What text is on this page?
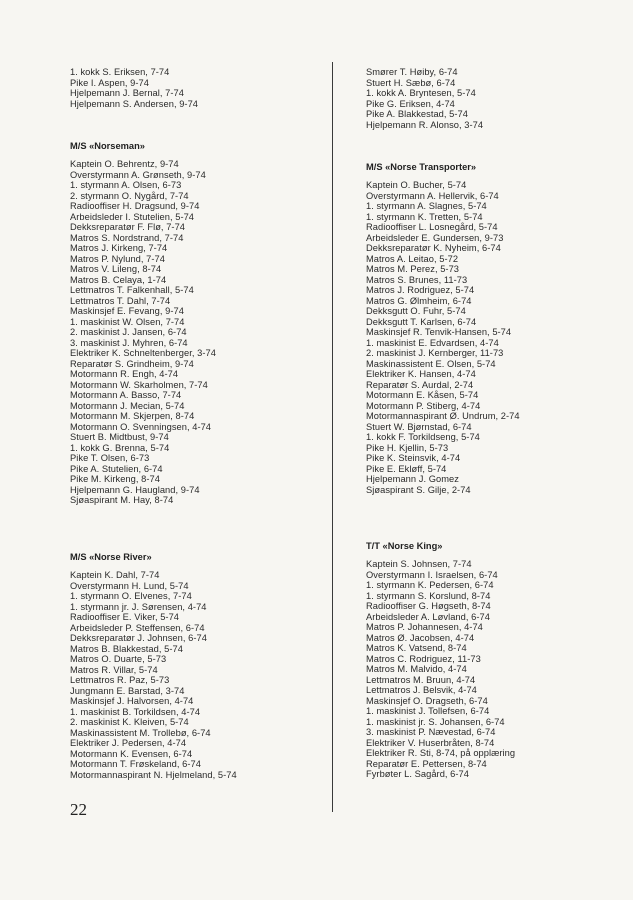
1. kokk S. Eriksen, 7-74
Pike I. Aspen, 9-74
Hjelpemann J. Bernal, 7-74
Hjelpemann S. Andersen, 9-74
M/S «Norseman»
Kaptein O. Behrentz, 9-74
Overstyrmann A. Grønseth, 9-74
1. styrmann A. Olsen, 6-73
2. styrmann O. Nygård, 7-74
Radiooffiser H. Dragsund, 9-74
Arbeidsleder I. Stutelien, 5-74
Dekksreparatør F. Flø, 7-74
Matros S. Nordstrand, 7-74
Matros J. Kirkeng, 7-74
Matros P. Nylund, 7-74
Matros V. Lileng, 8-74
Matros B. Celaya, 1-74
Lettmatros T. Falkenhall, 5-74
Lettmatros T. Dahl, 7-74
Maskinsjef E. Fevang, 9-74
1. maskinist W. Olsen, 7-74
2. maskinist J. Jansen, 6-74
3. maskinist J. Myhren, 6-74
Elektriker K. Schneltenberger, 3-74
Reparatør S. Grindheim, 9-74
Motormann R. Engh, 4-74
Motormann W. Skarholmen, 7-74
Motormann A. Basso, 7-74
Motormann J. Mecian, 5-74
Motormann M. Skjerpen, 8-74
Motormann O. Svenningsen, 4-74
Stuert B. Midtbust, 9-74
1. kokk G. Brenna, 5-74
Pike T. Olsen, 6-73
Pike A. Stutelien, 6-74
Pike M. Kirkeng, 8-74
Hjelpemann G. Haugland, 9-74
Sjøaspirant M. Hay, 8-74
M/S «Norse River»
Kaptein K. Dahl, 7-74
Overstyrmann H. Lund, 5-74
1. styrmann O. Elvenes, 7-74
1. styrmann jr. J. Sørensen, 4-74
Radiooffiser E. Viker, 5-74
Arbeidsleder P. Steffensen, 6-74
Dekksreparatør J. Johnsen, 6-74
Matros B. Blakkestad, 5-74
Matros O. Duarte, 5-73
Matros R. Villar, 5-74
Lettmatros R. Paz, 5-73
Jungmann E. Barstad, 3-74
Maskinsjef J. Halvorsen, 4-74
1. maskinist B. Torkildsen, 4-74
2. maskinist K. Kleiven, 5-74
Maskinassistent M. Trollebø, 6-74
Elektriker J. Pedersen, 4-74
Motormann K. Evensen, 6-74
Motormann T. Frøskeland, 6-74
Motormannaspirant N. Hjelmeland, 5-74
Smører T. Høiby, 6-74
Stuert H. Sæbø, 6-74
1. kokk A. Bryntesen, 5-74
Pike G. Eriksen, 4-74
Pike A. Blakkestad, 5-74
Hjelpemann R. Alonso, 3-74
M/S «Norse Transporter»
Kaptein O. Bucher, 5-74
Overstyrmann A. Hellervik, 6-74
1. styrmann A. Slagnes, 5-74
1. styrmann K. Tretten, 5-74
Radiooffiser L. Losnegård, 5-74
Arbeidsleder E. Gundersen, 9-73
Dekksreparatør K. Nyheim, 6-74
Matros A. Leitao, 5-72
Matros M. Perez, 5-73
Matros S. Brunes, 11-73
Matros J. Rodriguez, 5-74
Matros G. Ølmheim, 6-74
Dekksgutt O. Fuhr, 5-74
Dekksgutt T. Karlsen, 6-74
Maskinsjef R. Tenvik-Hansen, 5-74
1. maskinist E. Edvardsen, 4-74
2. maskinist J. Kernberger, 11-73
Maskinassistent E. Olsen, 5-74
Elektriker K. Hansen, 4-74
Reparatør S. Aurdal, 2-74
Motormann E. Kåsen, 5-74
Motormann P. Stiberg, 4-74
Motormannaspirant Ø. Undrum, 2-74
Stuert W. Bjørnstad, 6-74
1. kokk F. Torkildseng, 5-74
Pike H. Kjellin, 5-73
Pike K. Steinsvik, 4-74
Pike E. Ekløff, 5-74
Hjelpemann J. Gomez
Sjøaspirant S. Gilje, 2-74
T/T «Norse King»
Kaptein S. Johnsen, 7-74
Overstyrmann I. Israelsen, 6-74
1. styrmann K. Pedersen, 6-74
1. styrmann S. Korslund, 8-74
Radiooffiser G. Høgseth, 8-74
Arbeidsleder A. Løvland, 6-74
Matros P. Johannesen, 4-74
Matros Ø. Jacobsen, 4-74
Matros K. Vatsend, 8-74
Matros C. Rodriguez, 11-73
Matros M. Malvido, 4-74
Lettmatros M. Bruun, 4-74
Lettmatros J. Belsvik, 4-74
Maskinsjef O. Dragseth, 6-74
1. maskinist J. Tollefsen, 6-74
1. maskinist jr. S. Johansen, 6-74
3. maskinist P. Nævestad, 6-74
Elektriker V. Huserbråten, 8-74
Elektriker R. Sti, 8-74, på opplæring
Reparatør E. Pettersen, 8-74
Fyrbøter L. Sagård, 6-74
22
